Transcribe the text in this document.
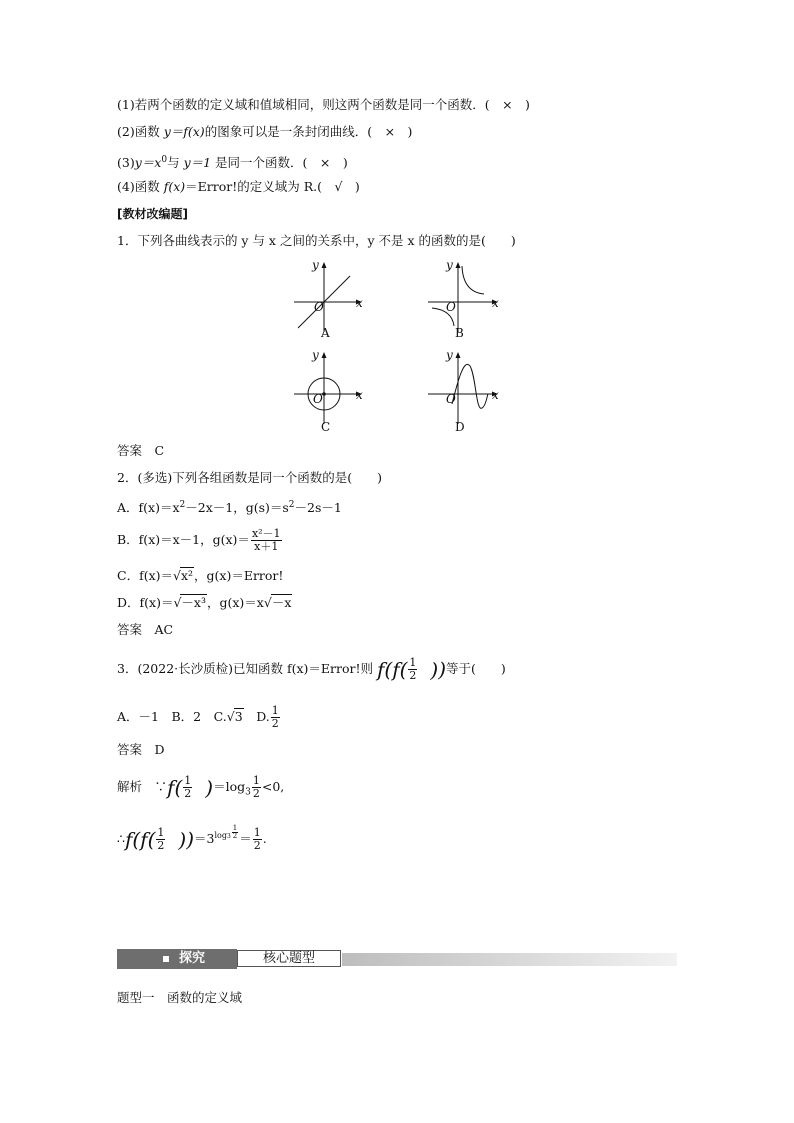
(1)若两个函数的定义域和值域相同，则这两个函数是同一个函数．(　×　)
(2)函数 y＝f(x)的图象可以是一条封闭曲线．(　×　)
$(3)y=x^0$与 y＝1 是同一个函数．(　×　)
(4)函数 f(x)＝Error!的定义域为 R.(　√　)
[教材改编题]
1．下列各曲线表示的 y 与 x 之间的关系中，y 不是 x 的函数的是(　　)
y
x
O
A
y
x
O
B
y
x
O
C
y
x
O
D
答案　C
2．(多选)下列各组函数是同一个函数的是(　　)
A．$f(x)=x^2-2x-1$，$g(s)=s^2-2s-1$
B．f(x)＝x－1，$g(x)= \frac{\text{x²－1}}{x+1}$
C．f(x)＝√x²，g(x)＝Error!
D．f(x)＝√－x³，g(x)＝x√－x
答案　AC
3．(2022·长沙质检)已知函数 f(x)＝Error!则 $f(f( \frac{1}{2}$ ))等于(　　)
A．－1　 B．2　 C.√3　 D. $\frac{1}{2}$
答案　D
解析　 ∵f( $\frac{1}{2} )=\log_3 \frac{1}{2} <0$,
∴f(f( $\frac{1}{2} ))=3^{log3} \frac{1}{2} = \frac{1}{2}$ .
探究	核心题型
题型一　函数的定义域
